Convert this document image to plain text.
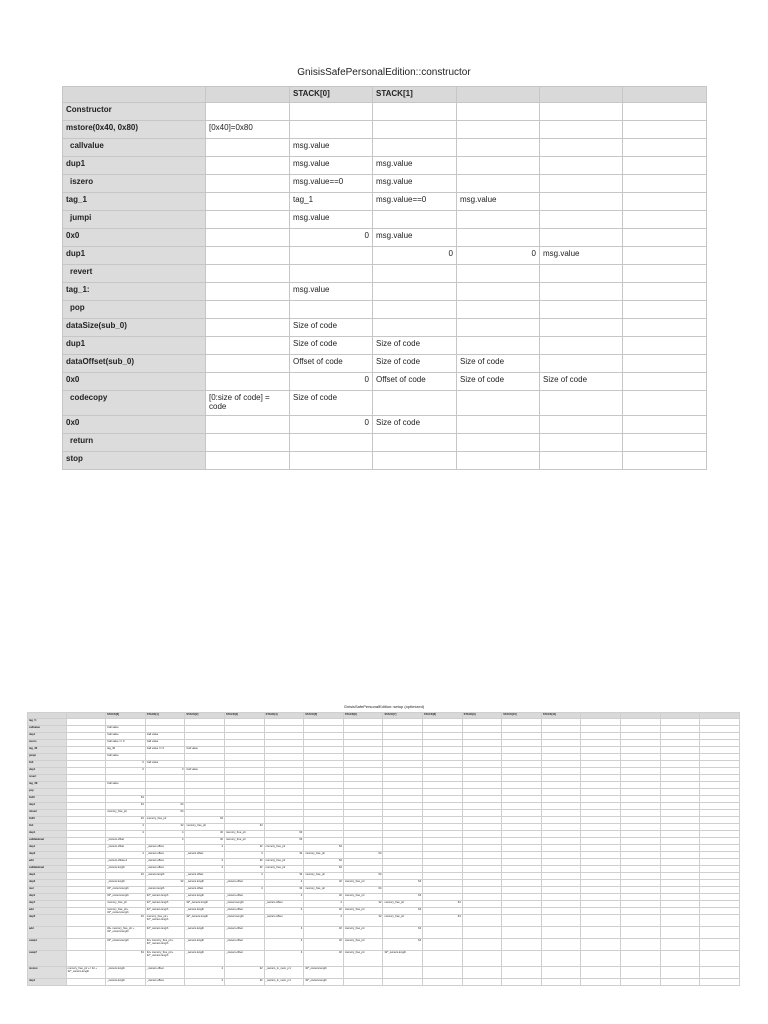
GnisisSafePersonalEdition::constructor
		STACK[0]	STACK[1]			
Constructor						
mstore(0x40, 0x80)	[0x40]=0x80					
callvalue		msg.value				
dup1		msg.value	msg.value			
iszero		msg.value==0	msg.value			
tag_1		tag_1	msg.value==0	msg.value		
jumpi		msg.value				
0x0		0	msg.value			
dup1			0	0	msg.value	
revert						
tag_1:		msg.value				
pop						
dataSize(sub_0)		Size of code				
dup1		Size of code	Size of code			
dataOffset(sub_0)		Offset of code	Size of code	Size of code		
0x0		0	Offset of code	Size of code	Size of code	
codecopy	[0:size of code] = code	Size of code				
0x0		0	Size of code			
return						
stop						
GnisisSafePersonalEdition::setup (optimized)
		STACK[0]	STACK[1]	STACK[2]	STACK[3]	STACK[4]	STACK[5]	STACK[6]	STACK[7]	STACK[8]	STACK[9]	STACK[10]	STACK[11]				
tag_5:																	
callvalue		Call value															
dup1		Call value	Call value														
iszero		Call value == 0	Call value														
tag_36		tag_36	Call value == 0	Call value													
jumpi		Call value															
0x0		0	Call value														
dup1		0	0	Call value													
revert																	
tag_36:		Call value															
pop																	
0x40		64															
dup1		64	64														
mload		memory_free_ptr	64														
0x20		32	memory_free_ptr	64													
0x4		4	32	memory_free_ptr	64												
dup1		4	4	32	memory_free_ptr	64											
calldataload		_owners.offset	4	32	memory_free_ptr	64											
dup1		_owners.offset	_owners.offset	4	32	memory_free_ptr	64										
dup3		4	_owners.offset	_owners.offset	4	32	memory_free_ptr	64									
add		_owners.offset+4	_owners.offset	4	32	memory_free_ptr	64										
calldataload		_owners.length	_owners.offset	4	32	memory_free_ptr	64										
dup4		32	_owners.length	_owners.offset	4	32	memory_free_ptr	64									
dup2		_owners.length	32	_owners.length	_owners.offset	4	32	memory_free_ptr	64								
mul		32*_owners.length	_owners.length	_owners.offset	4	32	memory_free_ptr	64									
dup1		32*_owners.length	32*_owners.length	_owners.length	_owners.offset	4	32	memory_free_ptr	64								
dup7		memory_free_ptr	32*_owners.length	32*_owners.length	_owners.length	_owners.offset	4	32	memory_free_ptr	64							
add		memory_free_ptr+ 32*_owners.length	32*_owners.length	_owners.length	_owners.offset	4	32	memory_free_ptr	64								
dup5		32	memory_free_ptr+ 32*_owners.length	32*_owners.length	_owners.length	_owners.offset	4	32	memory_free_ptr	64							
add		32+ memory_free_ptr + 32*_owners.length	32*_owners.length	_owners.length	_owners.offset	4	32	memory_free_ptr	64								
swap1		32*_owners.length	32+ memory_free_ptr+ 32*_owners.length	_owners.length	_owners.offset	4	32	memory_free_ptr	64								
swap7		64	32+ memory_free_ptr+ 32*_owners.length	_owners.length	_owners.offset	4	32	memory_free_ptr	32*_owners.length								
mstore	memory_free_ptr += 32 + 32*_owners.length	_owners.length	_owners.offset	4	32	_owners_in_mem_p tr	32*_owners.length										
dup1		_owners.length	_owners.offset	4	32	_owners_in_mem_p tr	32*_owners.length										
